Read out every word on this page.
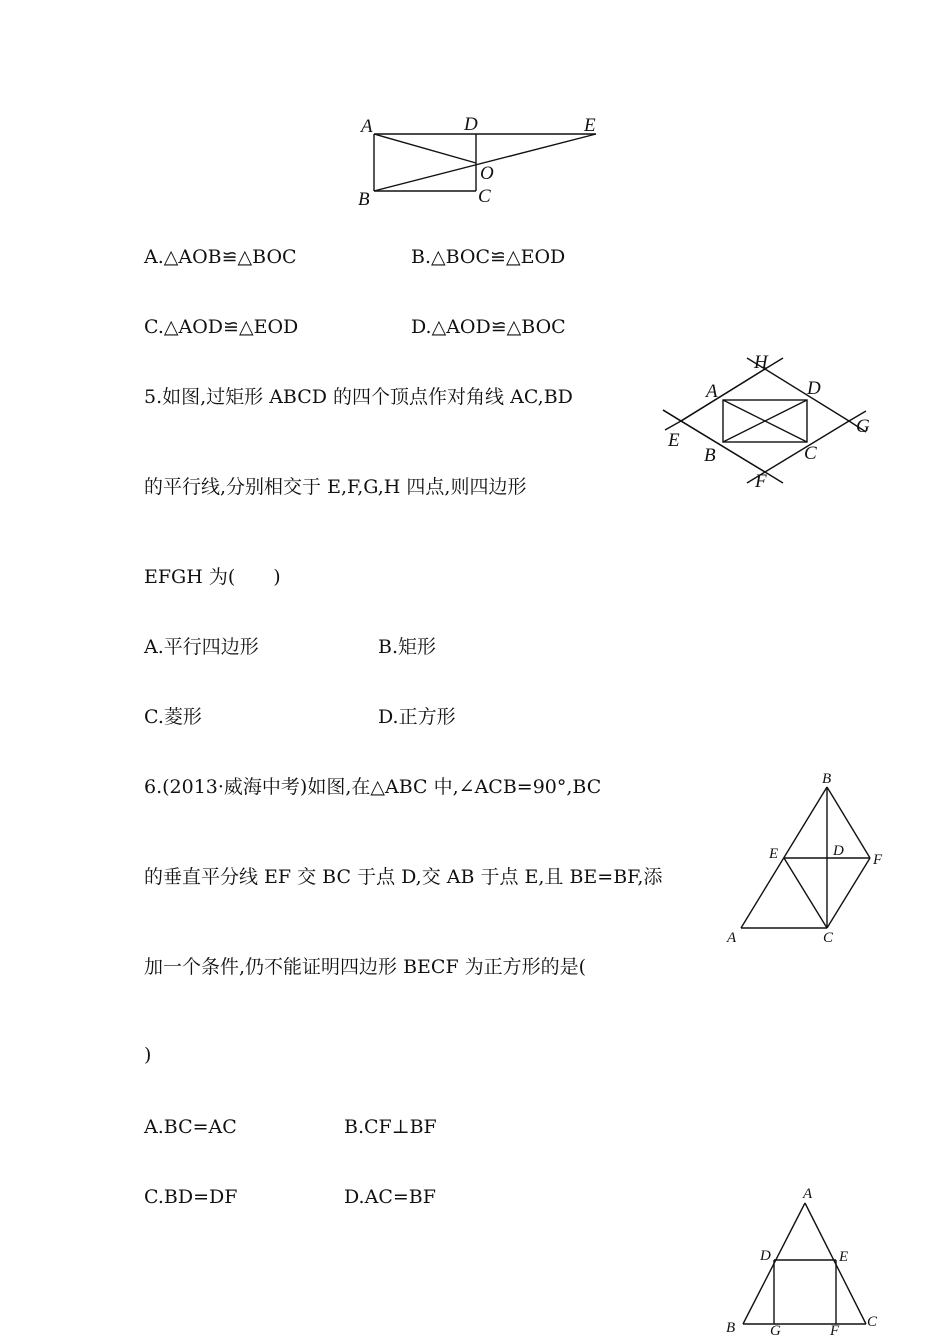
A	D	E
O
B	C
A.△AOB≌△BOC	B.△BOC≌△EOD
C.△AOD≌△EOD	D.△AOD≌△BOC
5.如图,过矩形 ABCD 的四个顶点作对角线 AC,BD
的平行线,分别相交于 E,F,G,H 四点,则四边形
EFGH 为(　　)
A.平行四边形	B.矩形
C.菱形	D.正方形
H
A	D
E
G
B	C
F
6.(2013·威海中考)如图,在△ABC 中,∠ACB=90°,BC
的垂直平分线 EF 交 BC 于点 D,交 AB 于点 E,且 BE=BF,添
加一个条件,仍不能证明四边形 BECF 为正方形的是(
)
A.BC=AC	B.CF⊥BF
C.BD=DF	D.AC=BF
B
E	D
F
A	C
A
D	E
B G	F
C
